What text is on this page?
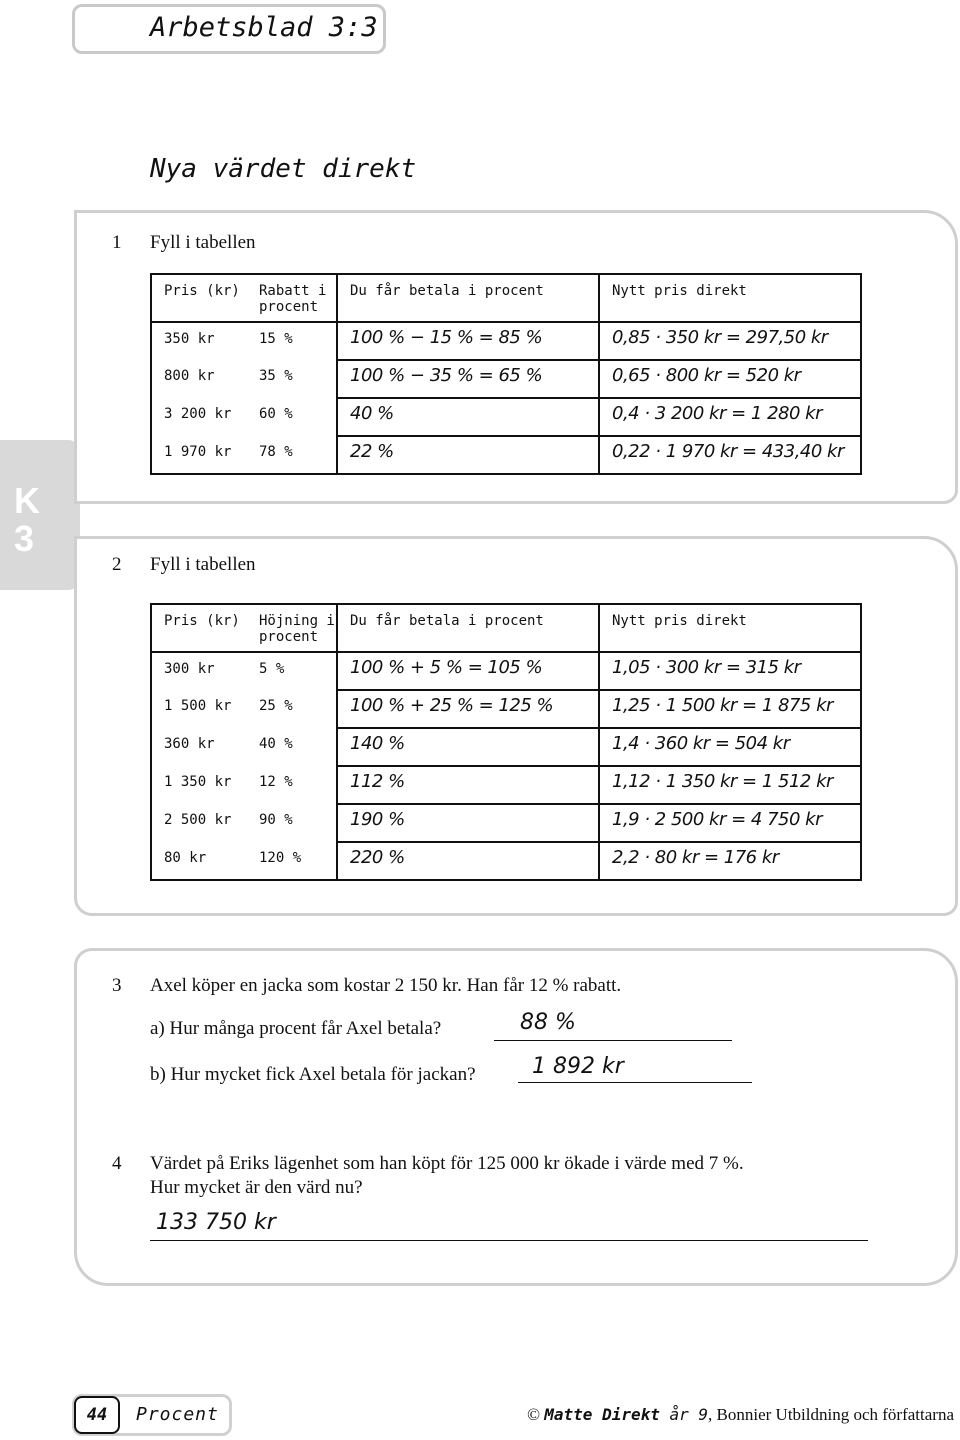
Arbetsblad 3:3
Nya värdet direkt
K
3
1 Fyll i tabellen
Pris (kr)	Rabatt i procent	Du får betala i procent	Nytt pris direkt
350 kr	15 %	100 % − 15 % = 85 %	0,85 · 350 kr = 297,50 kr
800 kr	35 %	100 % − 35 % = 65 %	0,65 · 800 kr = 520 kr
3 200 kr	60 %	40 %	0,4 · 3 200 kr = 1 280 kr
1 970 kr	78 %	22 %	0,22 · 1 970 kr = 433,40 kr
2 Fyll i tabellen
Pris (kr)	Höjning i procent	Du får betala i procent	Nytt pris direkt
300 kr	5 %	100 % + 5 % = 105 %	1,05 · 300 kr = 315 kr
1 500 kr	25 %	100 % + 25 % = 125 %	1,25 · 1 500 kr = 1 875 kr
360 kr	40 %	140 %	1,4 · 360 kr = 504 kr
1 350 kr	12 %	112 %	1,12 · 1 350 kr = 1 512 kr
2 500 kr	90 %	190 %	1,9 · 2 500 kr = 4 750 kr
80 kr	120 %	220 %	2,2 · 80 kr = 176 kr
3 Axel köper en jacka som kostar 2 150 kr. Han får 12 % rabatt.
a) Hur många procent får Axel betala?	88 %
b) Hur mycket fick Axel betala för jackan?	1 892 kr
4 Värdet på Eriks lägenhet som han köpt för 125 000 kr ökade i värde med 7 %.
Hur mycket är den värd nu?
133 750 kr
44	Procent	© Matte Direkt år 9, Bonnier Utbildning och författarna
